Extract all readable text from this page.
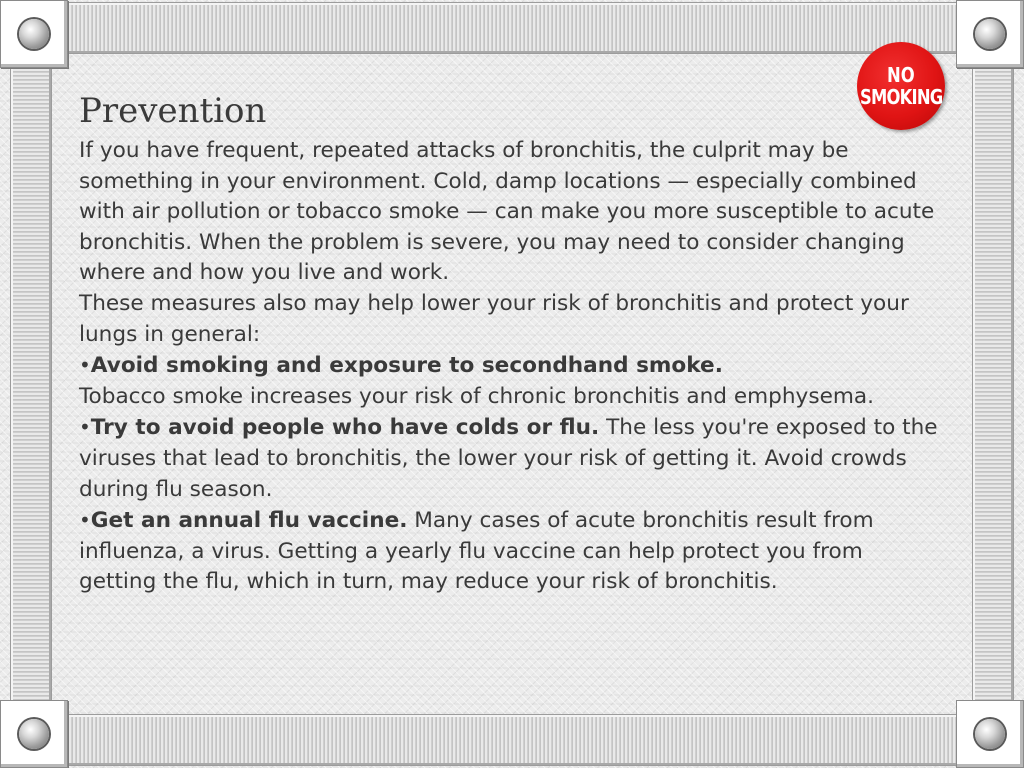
NO
SMOKING
Prevention

If you have frequent, repeated attacks of bronchitis, the culprit may be something in your environment. Cold, damp locations — especially combined with air pollution or tobacco smoke — can make you more susceptible to acute bronchitis. When the problem is severe, you may need to consider changing where and how you live and work.

These measures also may help lower your risk of bronchitis and protect your lungs in general:

•Avoid smoking and exposure to secondhand smoke.
Tobacco smoke increases your risk of chronic bronchitis and emphysema.

•Try to avoid people who have colds or flu. The less you're exposed to the viruses that lead to bronchitis, the lower your risk of getting it. Avoid crowds during flu season.

•Get an annual flu vaccine. Many cases of acute bronchitis result from influenza, a virus. Getting a yearly flu vaccine can help protect you from getting the flu, which in turn, may reduce your risk of bronchitis.
